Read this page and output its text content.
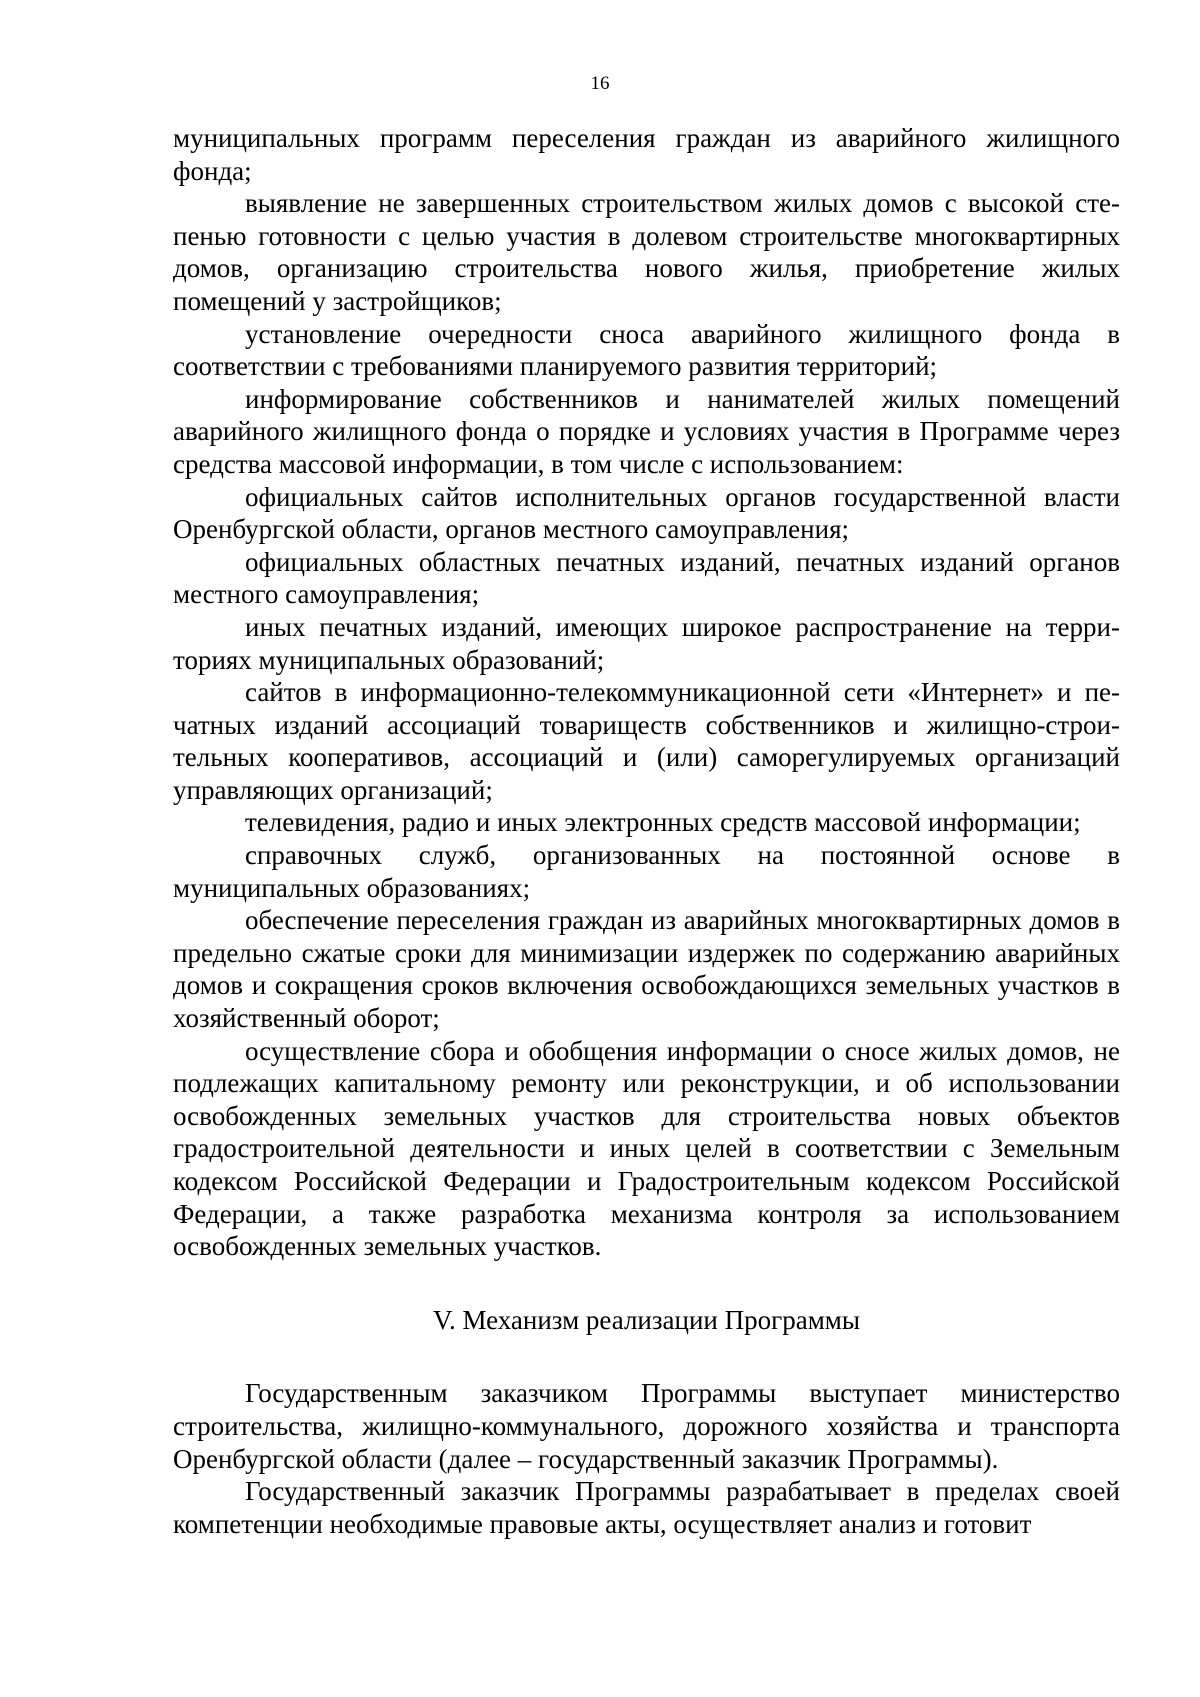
16

муниципальных программ переселения граждан из аварийного жилищного фонда;

выявление не завершенных строительством жилых домов с высокой степенью готовности с целью участия в долевом строительстве многоквартирных домов, организацию строительства нового жилья, приобретение жилых помещений у застройщиков;

установление очередности сноса аварийного жилищного фонда в соответствии с требованиями планируемого развития территорий;

информирование собственников и нанимателей жилых помещений аварийного жилищного фонда о порядке и условиях участия в Программе через средства массовой информации, в том числе с использованием:

официальных сайтов исполнительных органов государственной власти Оренбургской области, органов местного самоуправления;

официальных областных печатных изданий, печатных изданий органов местного самоуправления;

иных печатных изданий, имеющих широкое распространение на территориях муниципальных образований;

сайтов в информационно-телекоммуникационной сети «Интернет» и печатных изданий ассоциаций товариществ собственников и жилищно-строительных кооперативов, ассоциаций и (или) саморегулируемых организаций управляющих организаций;

телевидения, радио и иных электронных средств массовой информации;

справочных служб, организованных на постоянной основе в муниципальных образованиях;

обеспечение переселения граждан из аварийных многоквартирных домов в предельно сжатые сроки для минимизации издержек по содержанию аварийных домов и сокращения сроков включения освобождающихся земельных участков в хозяйственный оборот;

осуществление сбора и обобщения информации о сносе жилых домов, не подлежащих капитальному ремонту или реконструкции, и об использовании освобожденных земельных участков для строительства новых объектов градостроительной деятельности и иных целей в соответствии с Земельным кодексом Российской Федерации и Градостроительным кодексом Российской Федерации, а также разработка механизма контроля за использованием освобожденных земельных участков.

V. Механизм реализации Программы

Государственным заказчиком Программы выступает министерство строительства, жилищно-коммунального, дорожного хозяйства и транспорта Оренбургской области (далее – государственный заказчик Программы).

Государственный заказчик Программы разрабатывает в пределах своей компетенции необходимые правовые акты, осуществляет анализ и готовит
